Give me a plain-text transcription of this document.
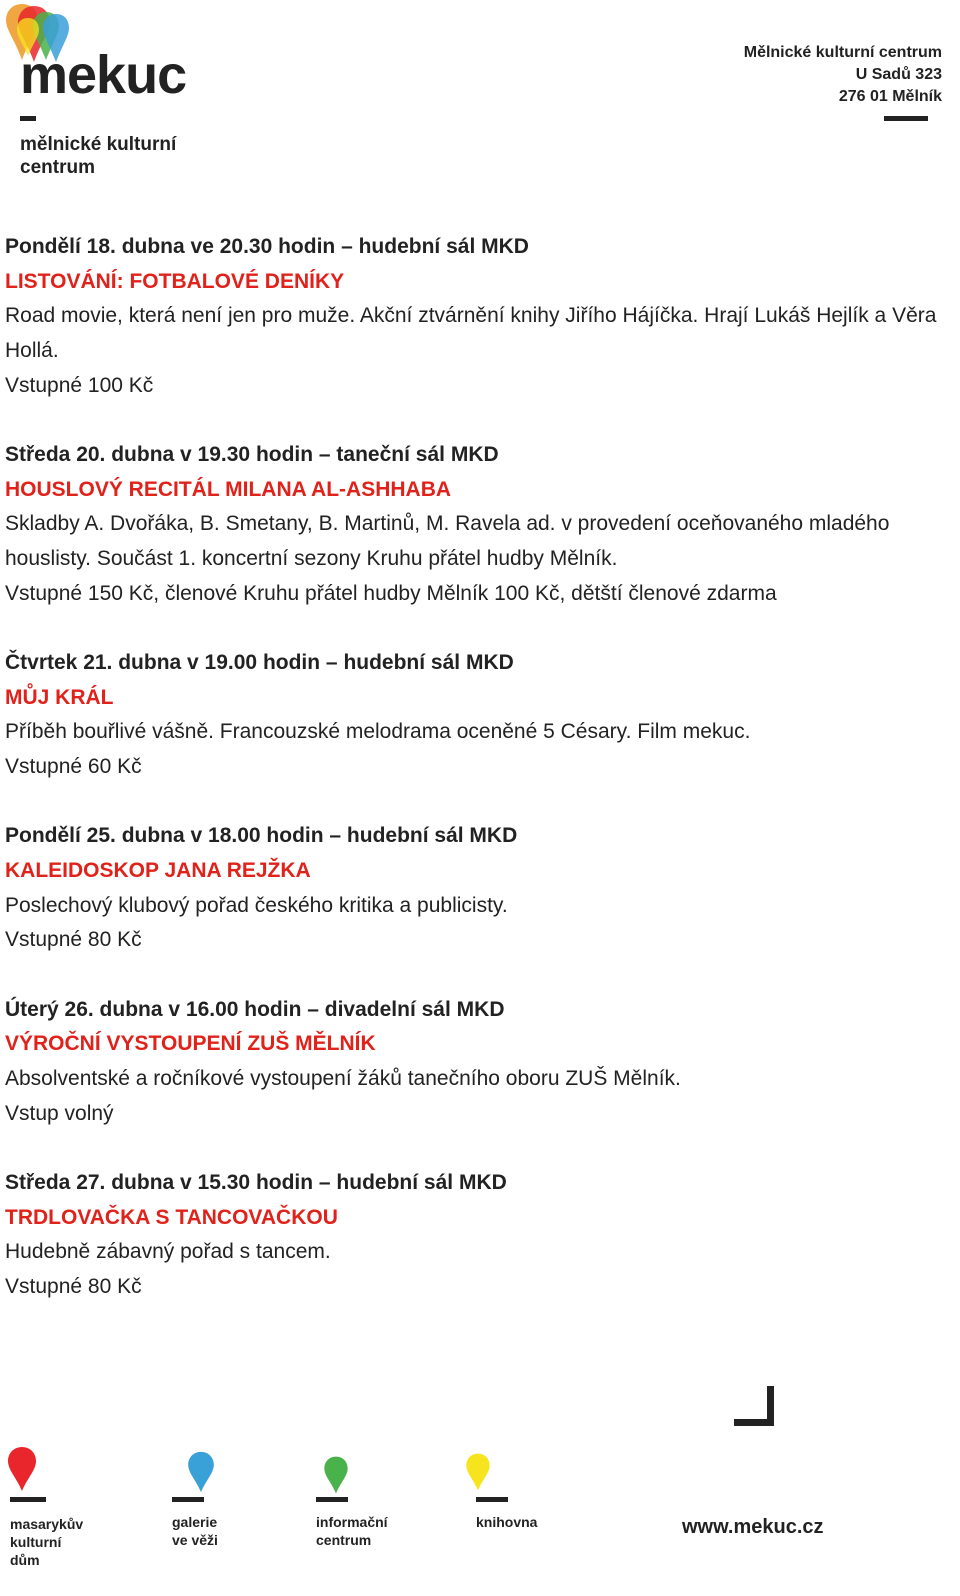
mekuc
mělnické kulturní centrum
Mělnické kulturní centrum
U Sadů 323
276 01 Mělník
Pondělí 18. dubna ve 20.30 hodin – hudební sál MKD
LISTOVÁNÍ: FOTBALOVÉ DENÍKY
Road movie, která není jen pro muže. Akční ztvárnění knihy Jiřího Hájíčka. Hrají Lukáš Hejlík a Věra Hollá.
Vstupné 100 Kč
Středa 20. dubna v 19.30 hodin – taneční sál MKD
HOUSLOVÝ RECITÁL MILANA AL-ASHHABA
Skladby A. Dvořáka, B. Smetany, B. Martinů, M. Ravela ad. v provedení oceňovaného mladého houslisty. Součást 1. koncertní sezony Kruhu přátel hudby Mělník.
Vstupné 150 Kč, členové Kruhu přátel hudby Mělník 100 Kč, dětští členové zdarma
Čtvrtek 21. dubna v 19.00 hodin – hudební sál MKD
MŮJ KRÁL
Příběh bouřlivé vášně. Francouzské melodrama oceněné 5 Césary. Film mekuc.
Vstupné 60 Kč
Pondělí 25. dubna v 18.00 hodin – hudební sál MKD
KALEIDOSKOP JANA REJŽKA
Poslechový klubový pořad českého kritika a publicisty.
Vstupné 80 Kč
Úterý 26. dubna v 16.00 hodin – divadelní sál MKD
VÝROČNÍ VYSTOUPENÍ ZUŠ MĚLNÍK
Absolventské a ročníkové vystoupení žáků tanečního oboru ZUŠ Mělník.
Vstup volný
Středa 27. dubna v 15.30 hodin – hudební sál MKD
TRDLOVAČKA S TANCOVAČKOU
Hudebně zábavný pořad s tancem.
Vstupné 80 Kč
masarykův
kulturní
dům
galerie
ve věži
informační
centrum
knihovna	www.mekuc.cz
